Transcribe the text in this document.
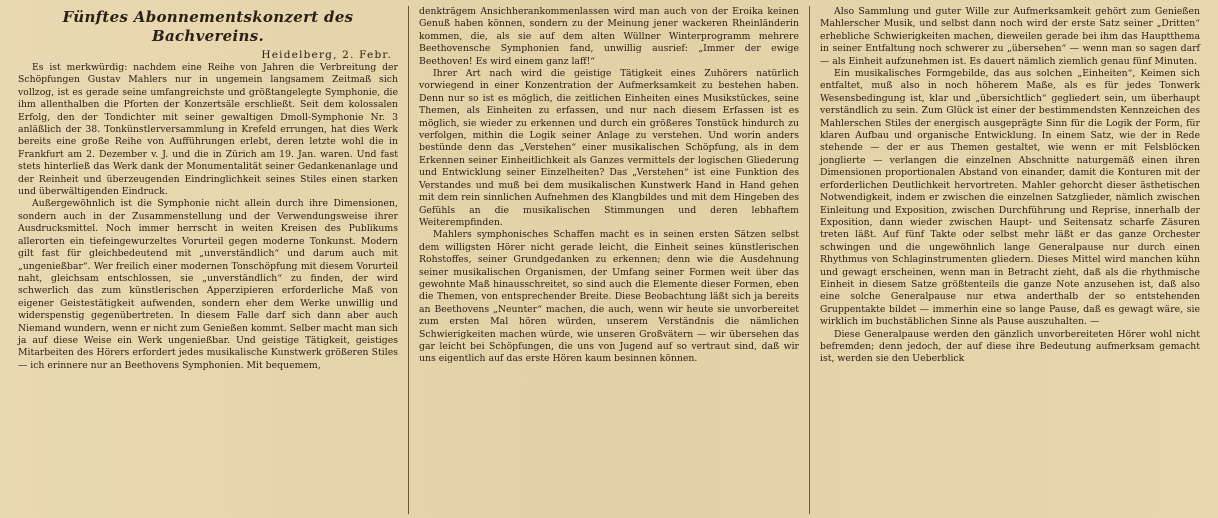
Fünftes Abonnementskonzert des Bachvereins.
Heidelberg, 2. Febr.

Es ist merkwürdig: nachdem eine Reihe von Jahren die Verbreitung der Schöpfungen Gustav Mahlers nur in ungemein langsamem Zeitmaß sich vollzog, ist es gerade seine umfangreichste und größtangelegte Symphonie, die ihm allenthalben die Pforten der Konzertsäle erschließt. Seit dem kolossalen Erfolg, den der Tondichter mit seiner gewaltigen Dmoll-Symphonie Nr. 3 anläßlich der 38. Tonkünstlerversammlung in Krefeld errungen, hat dies Werk bereits eine große Reihe von Aufführungen erlebt, deren letzte wohl die in Frankfurt am 2. Dezember v. J. und die in Zürich am 19. Jan. waren. Und fast stets hinterließ das Werk dank der Monumentalität seiner Gedankenanlage und der Reinheit und überzeugenden Eindringlichkeit seines Stiles einen starken und überwältigenden Eindruck.

Außergewöhnlich ist die Symphonie nicht allein durch ihre Dimensionen, sondern auch in der Zusammenstellung und der Verwendungsweise ihrer Ausdrucksmittel. Noch immer herrscht in weiten Kreisen des Publikums allerorten ein tiefeingewurzeltes Vorurteil gegen moderne Tonkunst. Modern gilt fast für gleichbedeutend mit „unverständlich“ und darum auch mit „ungenießbar“. Wer freilich einer modernen Tonschöpfung mit diesem Vorurteil naht, gleichsam entschlossen, sie „unverständlich“ zu finden, der wird schwerlich das zum künstlerischen Apperzipieren erforderliche Maß von eigener Geistestätigkeit aufwenden, sondern eher dem Werke unwillig und widerspenstig gegenübertreten. In diesem Falle darf sich dann aber auch Niemand wundern, wenn er nicht zum Genießen kommt. Selber macht man sich ja auf diese Weise ein Werk ungenießbar. Und geistige Tätigkeit, geistiges Mitarbeiten des Hörers erfordert jedes musikalische Kunstwerk größeren Stiles — ich erinnere nur an Beethovens Symphonien. Mit bequemem,

denkträgem Ansichherankommenlassen wird man auch von der Eroika keinen Genuß haben können, sondern zu der Meinung jener wackeren Rheinländerin kommen, die, als sie auf dem alten Wüllner Winterprogramm mehrere Beethovensche Symphonien fand, unwillig ausrief: „Immer der ewige Beethoven! Es wird einem ganz laff!“

Ihrer Art nach wird die geistige Tätigkeit eines Zuhörers natürlich vorwiegend in einer Konzentration der Aufmerksamkeit zu bestehen haben. Denn nur so ist es möglich, die zeitlichen Einheiten eines Musikstückes, seine Themen, als Einheiten zu erfassen, und nur nach diesem Erfassen ist es möglich, sie wieder zu erkennen und durch ein größeres Tonstück hindurch zu verfolgen, mithin die Logik seiner Anlage zu verstehen. Und worin anders bestünde denn das „Verstehen“ einer musikalischen Schöpfung, als in dem Erkennen seiner Einheitlichkeit als Ganzes vermittels der logischen Gliederung und Entwicklung seiner Einzelheiten? Das „Verstehen“ ist eine Funktion des Verstandes und muß bei dem musikalischen Kunstwerk Hand in Hand gehen mit dem rein sinnlichen Aufnehmen des Klangbildes und mit dem Hingeben des Gefühls an die musikalischen Stimmungen und deren lebhaftem Weiterempfinden.

Mahlers symphonisches Schaffen macht es in seinen ersten Sätzen selbst dem willigsten Hörer nicht gerade leicht, die Einheit seines künstlerischen Rohstoffes, seiner Grundgedanken zu erkennen; denn wie die Ausdehnung seiner musikalischen Organismen, der Umfang seiner Formen weit über das gewohnte Maß hinausschreitet, so sind auch die Elemente dieser Formen, eben die Themen, von entsprechender Breite. Diese Beobachtung läßt sich ja bereits an Beethovens „Neunter“ machen, die auch, wenn wir heute sie unvorbereitet zum ersten Mal hören würden, unserem Verständnis die nämlichen Schwierigkeiten machen würde, wie unseren Großvätern — wir übersehen das gar leicht bei Schöpfungen, die uns von Jugend auf so vertraut sind, daß wir uns eigentlich auf das erste Hören kaum besinnen können.

Also Sammlung und guter Wille zur Aufmerksamkeit gehört zum Genießen Mahlerscher Musik, und selbst dann noch wird der erste Satz seiner „Dritten“ erhebliche Schwierigkeiten machen, dieweilen gerade bei ihm das Hauptthema in seiner Entfaltung noch schwerer zu „übersehen“ — wenn man so sagen darf — als Einheit aufzunehmen ist. Es dauert nämlich ziemlich genau fünf Minuten.

Ein musikalisches Formgebilde, das aus solchen „Einheiten“, Keimen sich entfaltet, muß also in noch höherem Maße, als es für jedes Tonwerk Wesensbedingung ist, klar und „übersichtlich“ gegliedert sein, um überhaupt verständlich zu sein. Zum Glück ist einer der bestimmendsten Kennzeichen des Mahlerschen Stiles der energisch ausgeprägte Sinn für die Logik der Form, für klaren Aufbau und organische Entwicklung. In einem Satz, wie der in Rede stehende — der er aus Themen gestaltet, wie wenn er mit Felsblöcken jonglierte — verlangen die einzelnen Abschnitte naturgemäß einen ihren Dimensionen proportionalen Abstand von einander, damit die Konturen mit der erforderlichen Deutlichkeit hervortreten. Mahler gehorcht dieser ästhetischen Notwendigkeit, indem er zwischen die einzelnen Satzglieder, nämlich zwischen Einleitung und Exposition, zwischen Durchführung und Reprise, innerhalb der Exposition, dann wieder zwischen Haupt- und Seitensatz scharfe Zäsuren treten läßt. Auf fünf Takte oder selbst mehr läßt er das ganze Orchester schwingen und die ungewöhnlich lange Generalpause nur durch einen Rhythmus von Schlaginstrumenten gliedern. Dieses Mittel wird manchen kühn und gewagt erscheinen, wenn man in Betracht zieht, daß als die rhythmische Einheit in diesem Satze größtenteils die ganze Note anzusehen ist, daß also eine solche Generalpause nur etwa anderthalb der so entstehenden Gruppentakte bildet — immerhin eine so lange Pause, daß es gewagt wäre, sie wirklich im buchstäblichen Sinne als Pause auszuhalten. —

Diese Generalpause werden den gänzlich unvorbereiteten Hörer wohl nicht befremden; denn jedoch, der auf diese ihre Bedeutung aufmerksam gemacht ist, werden sie den Ueberblick
